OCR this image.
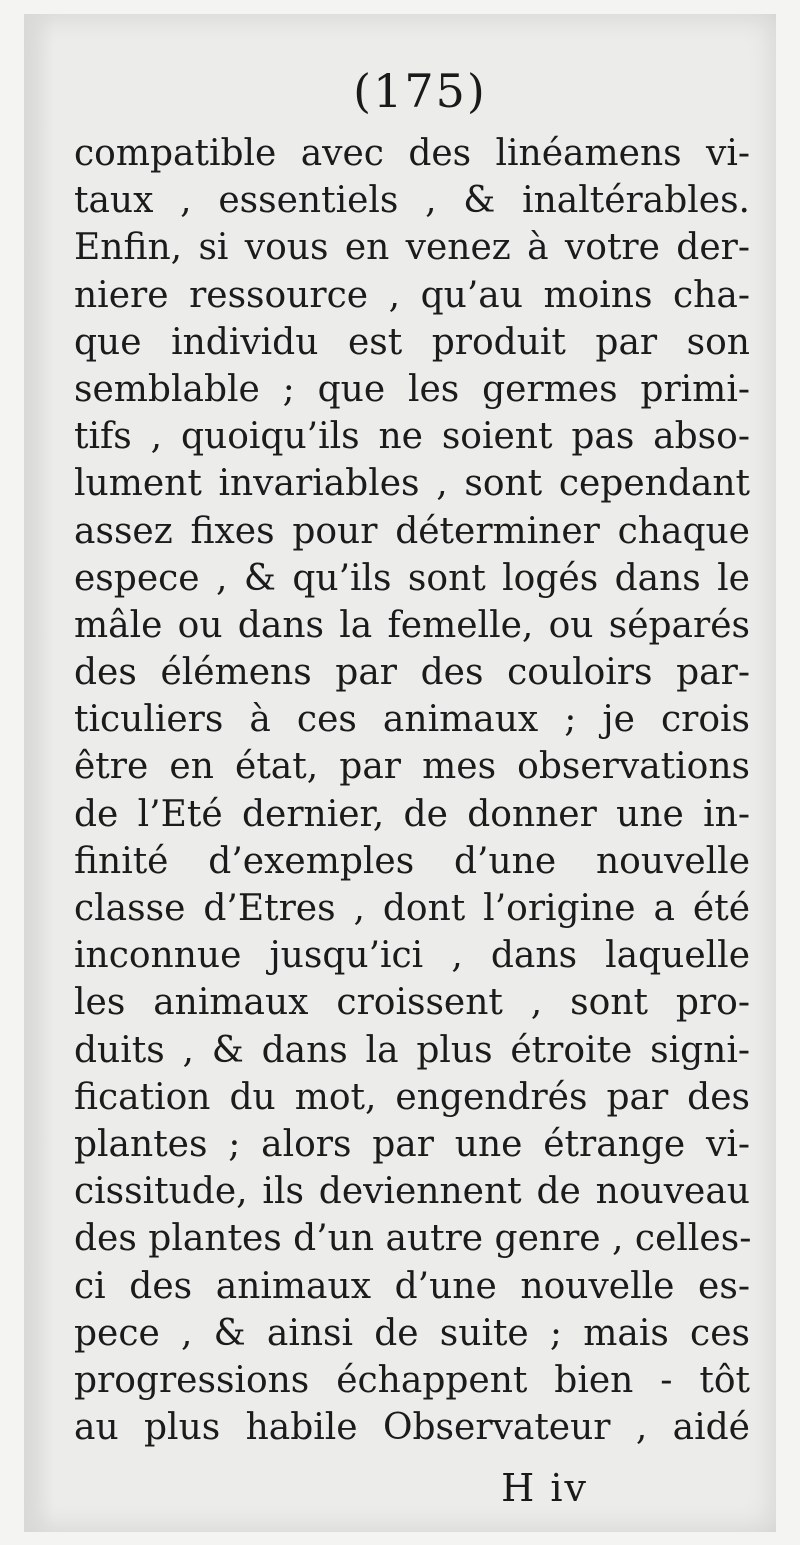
(175)
compatible avec des linéamens vi-
taux , essentiels , & inaltérables.
Enfin, si vous en venez à votre der-
niere ressource , qu’au moins cha-
que individu est produit par son
semblable ; que les germes primi-
tifs , quoiqu’ils ne soient pas abso-
lument invariables , sont cependant
assez fixes pour déterminer chaque
espece , & qu’ils sont logés dans le
mâle ou dans la femelle, ou séparés
des élémens par des couloirs par-
ticuliers à ces animaux ; je crois
être en état, par mes observations
de l’Eté dernier, de donner une in-
finité d’exemples d’une nouvelle
classe d’Etres , dont l’origine a été
inconnue jusqu’ici , dans laquelle
les animaux croissent , sont pro-
duits , & dans la plus étroite signi-
fication du mot, engendrés par des
plantes ; alors par une étrange vi-
cissitude, ils deviennent de nouveau
des plantes d’un autre genre , celles-
ci des animaux d’une nouvelle es-
pece , & ainsi de suite ; mais ces
progressions échappent bien - tôt
au plus habile Observateur , aidé
H iv
